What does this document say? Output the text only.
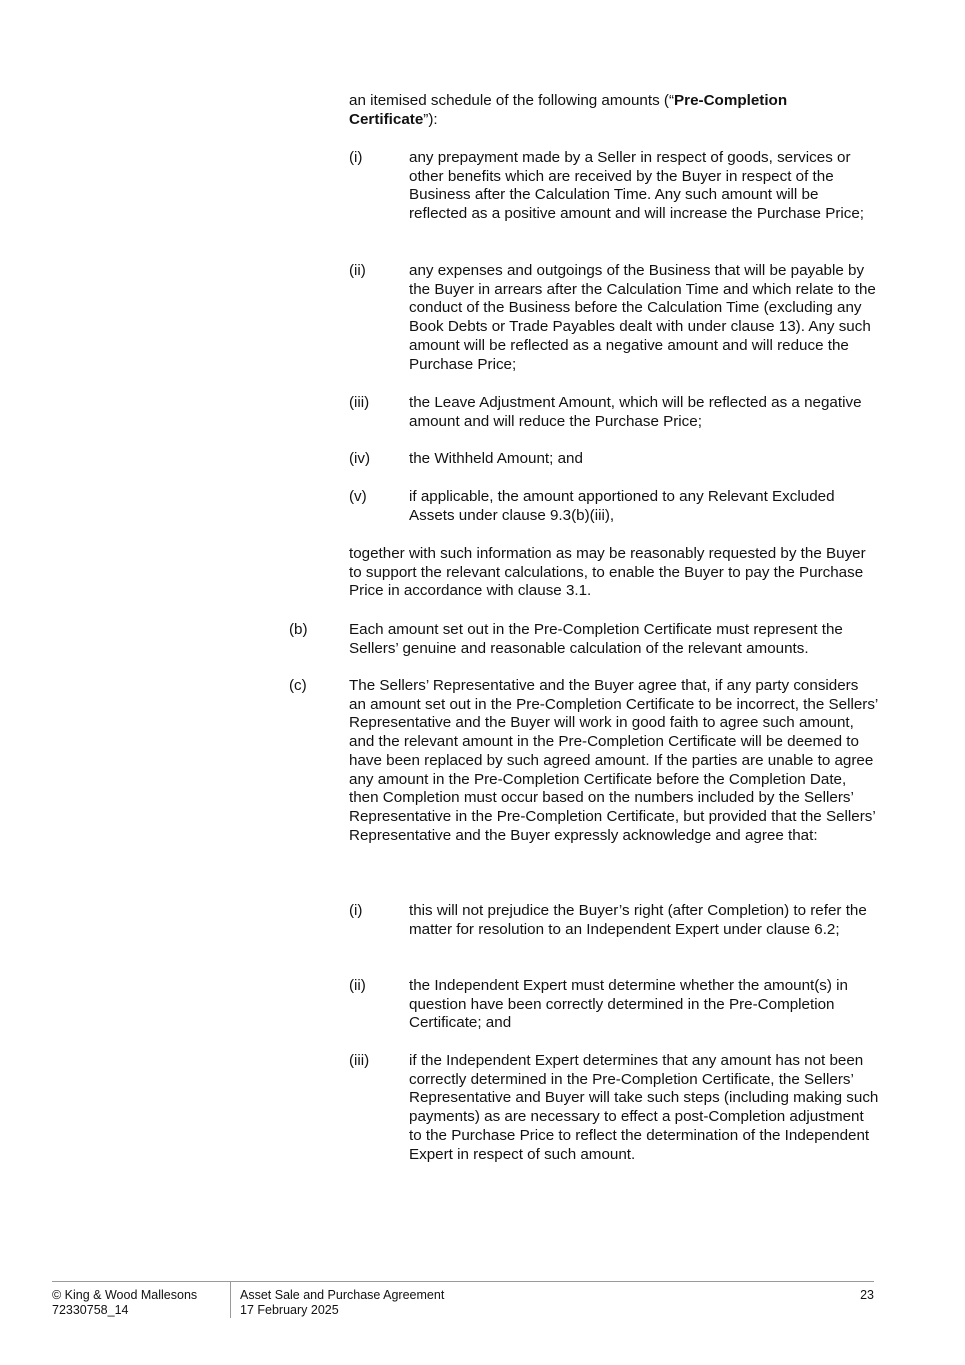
an itemised schedule of the following amounts (“Pre-Completion Certificate”):

(i)	any prepayment made by a Seller in respect of goods, services or other benefits which are received by the Buyer in respect of the Business after the Calculation Time. Any such amount will be reflected as a positive amount and will increase the Purchase Price;

(ii)	any expenses and outgoings of the Business that will be payable by the Buyer in arrears after the Calculation Time and which relate to the conduct of the Business before the Calculation Time (excluding any Book Debts or Trade Payables dealt with under clause 13). Any such amount will be reflected as a negative amount and will reduce the Purchase Price;

(iii)	the Leave Adjustment Amount, which will be reflected as a negative amount and will reduce the Purchase Price;

(iv)	the Withheld Amount; and

(v)	if applicable, the amount apportioned to any Relevant Excluded Assets under clause 9.3(b)(iii),

together with such information as may be reasonably requested by the Buyer to support the relevant calculations, to enable the Buyer to pay the Purchase Price in accordance with clause 3.1.

(b)	Each amount set out in the Pre-Completion Certificate must represent the Sellers’ genuine and reasonable calculation of the relevant amounts.

(c)	The Sellers’ Representative and the Buyer agree that, if any party considers an amount set out in the Pre-Completion Certificate to be incorrect, the Sellers’ Representative and the Buyer will work in good faith to agree such amount, and the relevant amount in the Pre-Completion Certificate will be deemed to have been replaced by such agreed amount. If the parties are unable to agree any amount in the Pre-Completion Certificate before the Completion Date, then Completion must occur based on the numbers included by the Sellers’ Representative in the Pre-Completion Certificate, but provided that the Sellers’ Representative and the Buyer expressly acknowledge and agree that:

(i)	this will not prejudice the Buyer’s right (after Completion) to refer the matter for resolution to an Independent Expert under clause 6.2;

(ii)	the Independent Expert must determine whether the amount(s) in question have been correctly determined in the Pre-Completion Certificate; and

(iii)	if the Independent Expert determines that any amount has not been correctly determined in the Pre-Completion Certificate, the Sellers’ Representative and Buyer will take such steps (including making such payments) as are necessary to effect a post-Completion adjustment to the Purchase Price to reflect the determination of the Independent Expert in respect of such amount.

© King & Wood Mallesons
72330758_14
Asset Sale and Purchase Agreement
17 February 2025
23
